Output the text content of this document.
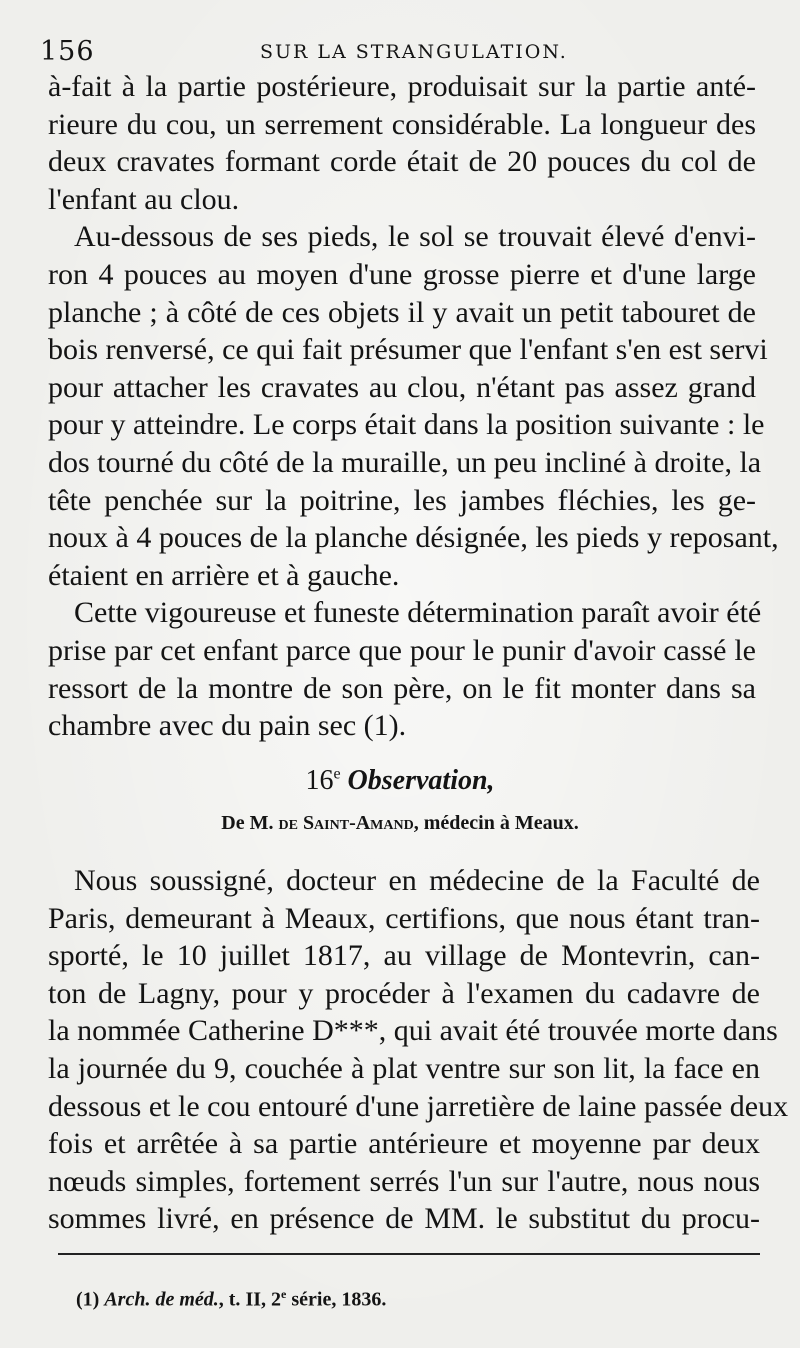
156	SUR LA STRANGULATION.

à-fait à la partie postérieure, produisait sur la partie anté-
rieure du cou, un serrement considérable. La longueur des
deux cravates formant corde était de 20 pouces du col de
l'enfant au clou.

Au-dessous de ses pieds, le sol se trouvait élevé d'envi-
ron 4 pouces au moyen d'une grosse pierre et d'une large
planche ; à côté de ces objets il y avait un petit tabouret de
bois renversé, ce qui fait présumer que l'enfant s'en est servi
pour attacher les cravates au clou, n'étant pas assez grand
pour y atteindre. Le corps était dans la position suivante : le
dos tourné du côté de la muraille, un peu incliné à droite, la
tête penchée sur la poitrine, les jambes fléchies, les ge-
noux à 4 pouces de la planche désignée, les pieds y reposant,
étaient en arrière et à gauche.

Cette vigoureuse et funeste détermination paraît avoir été
prise par cet enfant parce que pour le punir d'avoir cassé le
ressort de la montre de son père, on le fit monter dans sa
chambre avec du pain sec (1).

16e Observation,
De M. de Saint-Amand, médecin à Meaux.

Nous soussigné, docteur en médecine de la Faculté de
Paris, demeurant à Meaux, certifions, que nous étant tran-
sporté, le 10 juillet 1817, au village de Montevrin, can-
ton de Lagny, pour y procéder à l'examen du cadavre de
la nommée Catherine D***, qui avait été trouvée morte dans
la journée du 9, couchée à plat ventre sur son lit, la face en
dessous et le cou entouré d'une jarretière de laine passée deux
fois et arrêtée à sa partie antérieure et moyenne par deux
nœuds simples, fortement serrés l'un sur l'autre, nous nous
sommes livré, en présence de MM. le substitut du procu-

(1) Arch. de méd., t. II, 2e série, 1836.
